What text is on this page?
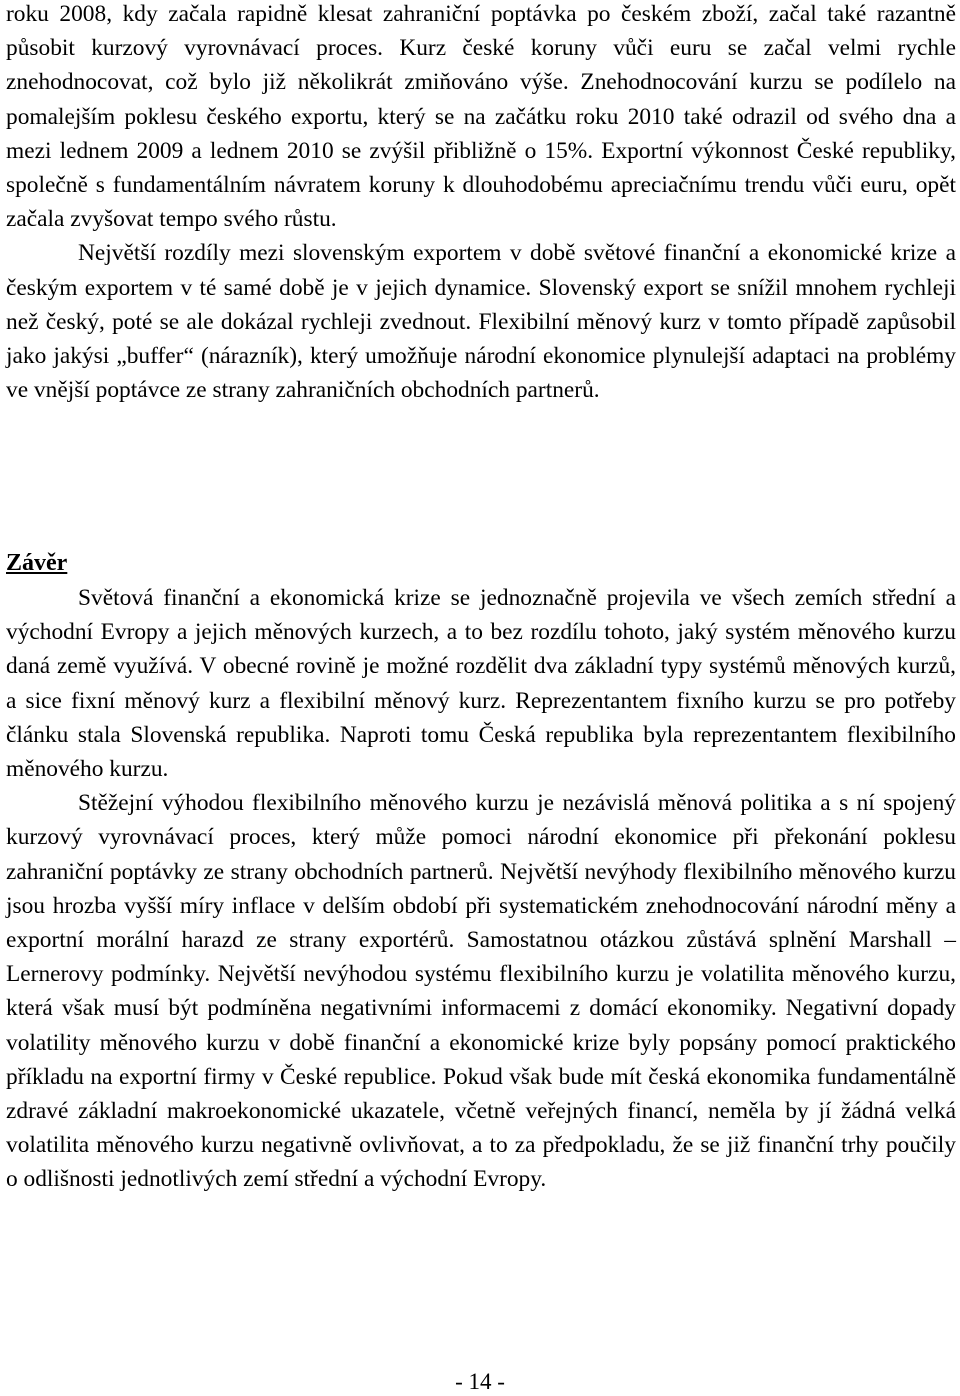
roku 2008, kdy začala rapidně klesat zahraniční poptávka po českém zboží, začal také razantně působit kurzový vyrovnávací proces. Kurz české koruny vůči euru se začal velmi rychle znehodnocovat, což bylo již několikrát zmiňováno výše. Znehodnocování kurzu se podílelo na pomalejším poklesu českého exportu, který se na začátku roku 2010 také odrazil od svého dna a mezi lednem 2009 a lednem 2010 se zvýšil přibližně o 15%. Exportní výkonnost České republiky, společně s fundamentálním návratem koruny k dlouhodobému apreciačnímu trendu vůči euru, opět začala zvyšovat tempo svého růstu.

Největší rozdíly mezi slovenským exportem v době světové finanční a ekonomické krize a českým exportem v té samé době je v jejich dynamice. Slovenský export se snížil mnohem rychleji než český, poté se ale dokázal rychleji zvednout. Flexibilní měnový kurz v tomto případě zapůsobil jako jakýsi „buffer“ (nárazník), který umožňuje národní ekonomice plynulejší adaptaci na problémy ve vnější poptávce ze strany zahraničních obchodních partnerů.

Závěr

Světová finanční a ekonomická krize se jednoznačně projevila ve všech zemích střední a východní Evropy a jejich měnových kurzech, a to bez rozdílu tohoto, jaký systém měnového kurzu daná země využívá. V obecné rovině je možné rozdělit dva základní typy systémů měnových kurzů, a sice fixní měnový kurz a flexibilní měnový kurz. Reprezentantem fixního kurzu se pro potřeby článku stala Slovenská republika. Naproti tomu Česká republika byla reprezentantem flexibilního měnového kurzu.

Stěžejní výhodou flexibilního měnového kurzu je nezávislá měnová politika a s ní spojený kurzový vyrovnávací proces, který může pomoci národní ekonomice při překonání poklesu zahraniční poptávky ze strany obchodních partnerů. Největší nevýhody flexibilního měnového kurzu jsou hrozba vyšší míry inflace v delším období při systematickém znehodnocování národní měny a exportní morální harazd ze strany exportérů. Samostatnou otázkou zůstává splnění Marshall – Lernerovy podmínky. Největší nevýhodou systému flexibilního kurzu je volatilita měnového kurzu, která však musí být podmíněna negativními informacemi z domácí ekonomiky. Negativní dopady volatility měnového kurzu v době finanční a ekonomické krize byly popsány pomocí praktického příkladu na exportní firmy v České republice. Pokud však bude mít česká ekonomika fundamentálně zdravé základní makroekonomické ukazatele, včetně veřejných financí, neměla by jí žádná velká volatilita měnového kurzu negativně ovlivňovat, a to za předpokladu, že se již finanční trhy poučily o odlišnosti jednotlivých zemí střední a východní Evropy.

- 14 -
